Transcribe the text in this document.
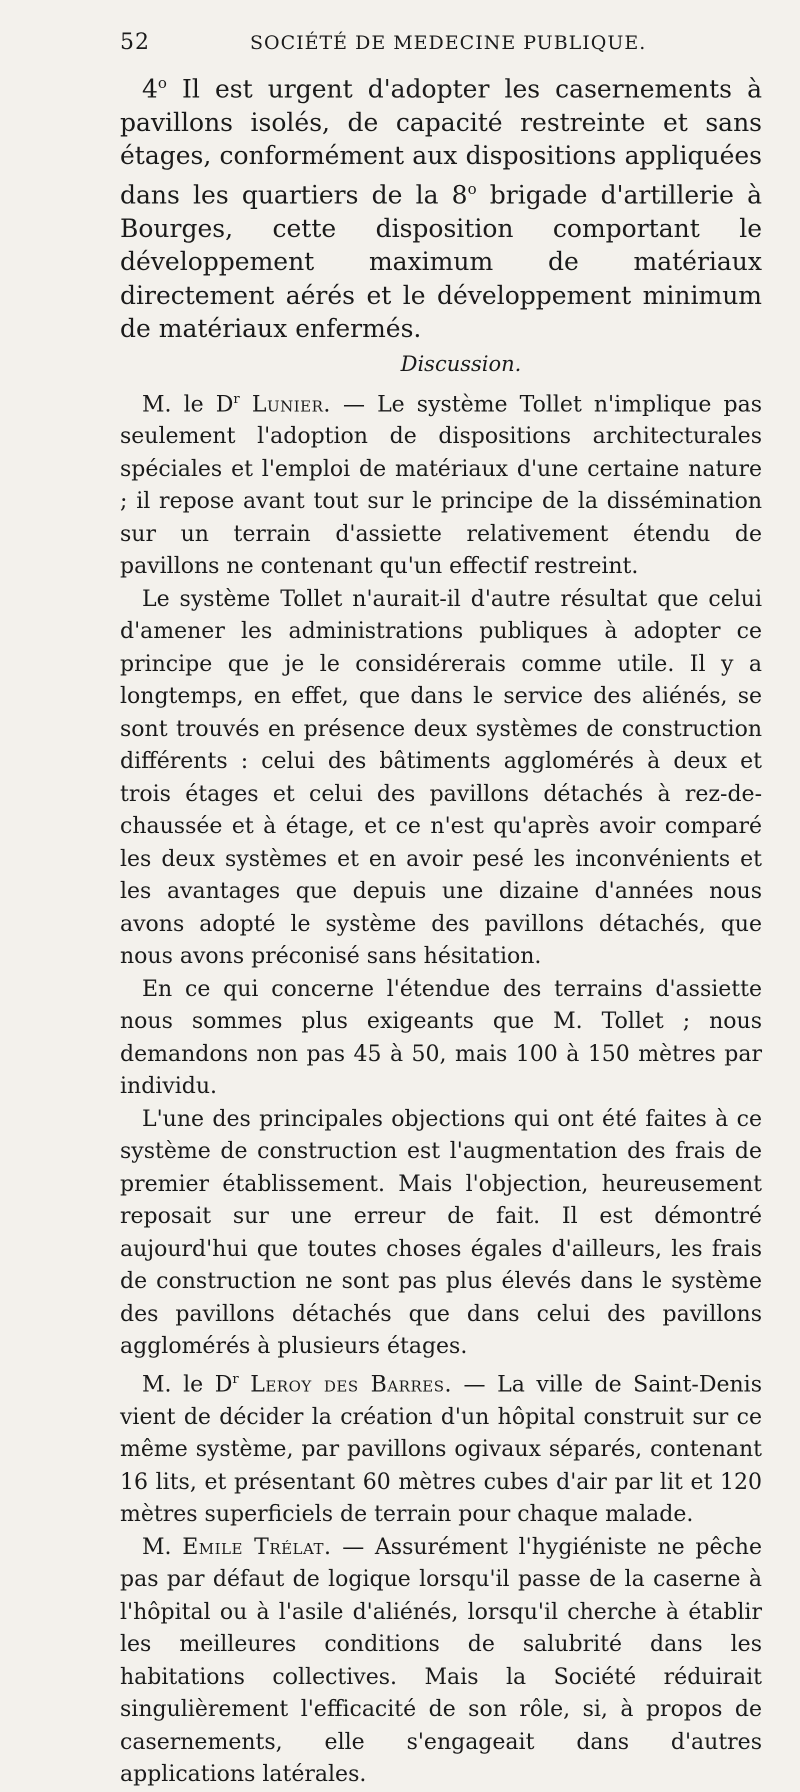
52	SOCIÉTÉ DE MEDECINE PUBLIQUE.

4$^o$ Il est urgent d'adopter les casernements à pavillons isolés, de capacité restreinte et sans étages, conformément aux dispositions appliquées dans les quartiers de la 8$^o$ brigade d'artillerie à Bourges, cette disposition comportant le développement maximum de matériaux directement aérés et le développement minimum de matériaux enfermés.

Discussion.

M. le $D^r$ Lunier. — Le système Tollet n'implique pas seulement l'adoption de dispositions architecturales spéciales et l'emploi de matériaux d'une certaine nature ; il repose avant tout sur le principe de la dissémination sur un terrain d'assiette relativement étendu de pavillons ne contenant qu'un effectif restreint.

Le système Tollet n'aurait-il d'autre résultat que celui d'amener les administrations publiques à adopter ce principe que je le considérerais comme utile. Il y a longtemps, en effet, que dans le service des aliénés, se sont trouvés en présence deux systèmes de construction différents : celui des bâtiments agglomérés à deux et trois étages et celui des pavillons détachés à rez-de-chaussée et à étage, et ce n'est qu'après avoir comparé les deux systèmes et en avoir pesé les inconvénients et les avantages que depuis une dizaine d'années nous avons adopté le système des pavillons détachés, que nous avons préconisé sans hésitation.

En ce qui concerne l'étendue des terrains d'assiette nous sommes plus exigeants que M. Tollet ; nous demandons non pas 45 à 50, mais 100 à 150 mètres par individu.

L'une des principales objections qui ont été faites à ce système de construction est l'augmentation des frais de premier établissement. Mais l'objection, heureusement reposait sur une erreur de fait. Il est démontré aujourd'hui que toutes choses égales d'ailleurs, les frais de construction ne sont pas plus élevés dans le système des pavillons détachés que dans celui des pavillons agglomérés à plusieurs étages.

M. le $D^r$ Leroy des Barres. — La ville de Saint-Denis vient de décider la création d'un hôpital construit sur ce même système, par pavillons ogivaux séparés, contenant 16 lits, et présentant 60 mètres cubes d'air par lit et 120 mètres superficiels de terrain pour chaque malade.

M. Emile Trélat. — Assurément l'hygiéniste ne pêche pas par défaut de logique lorsqu'il passe de la caserne à l'hôpital ou à l'asile d'aliénés, lorsqu'il cherche à établir les meilleures conditions de salubrité dans les habitations collectives. Mais la Société réduirait singulièrement l'efficacité de son rôle, si, à propos de casernements, elle s'engageait dans d'autres applications latérales.
